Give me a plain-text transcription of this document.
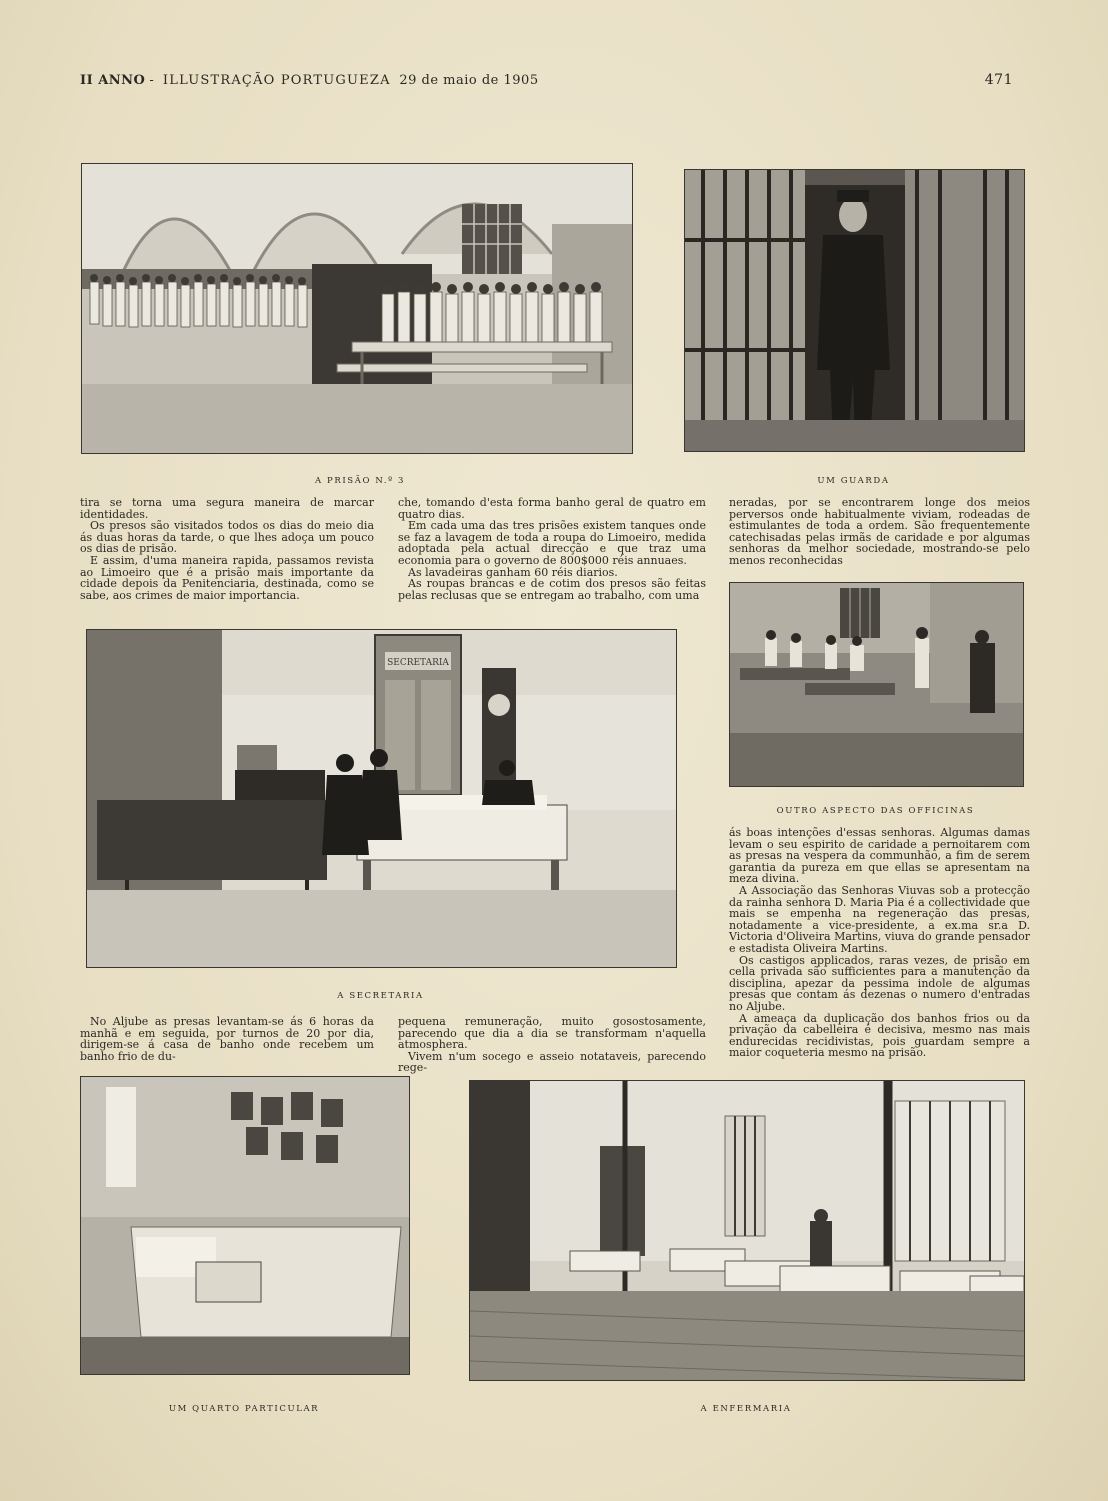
II ANNO - ILLUSTRAÇÃO PORTUGUEZA 29 de maio de 1905	471
A PRISÃO N.º 3	UM GUARDA

tira se torna uma segura maneira de marcar identidades.

Os presos são visitados todos os dias do meio dia ás duas horas da tarde, o que lhes adoça um pouco os dias de prisão.

E assim, d'uma maneira rapida, passamos revista ao Limoeiro que é a prisão mais importante da cidade depois da Penitenciaria, destinada, como se sabe, aos crimes de maior importancia.

che, tomando d'esta forma banho geral de quatro em quatro dias.

Em cada uma das tres prisões existem tanques onde se faz a lavagem de toda a roupa do Limoeiro, medida adoptada pela actual direcção e que traz uma economia para o governo de 800$000 réis annuaes.

As lavadeiras ganham 60 réis diarios.

As roupas brancas e de cotim dos presos são feitas pelas reclusas que se entregam ao trabalho, com uma

neradas, por se encontrarem longe dos meios perversos onde habitualmente viviam, rodeadas de estimulantes de toda a ordem. São frequentemente catechisadas pelas irmãs de caridade e por algumas senhoras da melhor sociedade, mostrando-se pelo menos reconhecidas

OUTRO ASPECTO DAS OFFICINAS
SECRETARIA
A SECRETARIA

ás boas intenções d'essas senhoras. Algumas damas levam o seu espirito de caridade a pernoitarem com as presas na vespera da communhão, a fim de serem garantia da pureza em que ellas se apresentam na meza divina.

A Associação das Senhoras Viuvas sob a protecção da rainha senhora D. Maria Pia é a collectividade que mais se empenha na regeneração das presas, notadamente a vice-presidente, a ex.ma sr.a D. Victoria d'Oliveira Martins, viuva do grande pensador e estadista Oliveira Martins.

Os castigos applicados, raras vezes, de prisão em cella privada são sufficientes para a manutenção da disciplina, apezar da pessima indole de algumas presas que contam ás dezenas o numero d'entradas no Aljube.

A ameaça da duplicação dos banhos frios ou da privação da cabelleira é decisiva, mesmo nas mais endurecidas recidivistas, pois guardam sempre a maior coqueteria mesmo na prisão.

No Aljube as presas levantam-se ás 6 horas da manhã e em seguida, por turnos de 20 por dia, dirigem-se á casa de banho onde recebem um banho frio de du-

pequena remuneração, muito gosostosamente, parecendo que dia a dia se transformam n'aquella atmosphera.

Vivem n'um socego e asseio notataveis, parecendo rege-

UM QUARTO PARTICULAR	A ENFERMARIA
